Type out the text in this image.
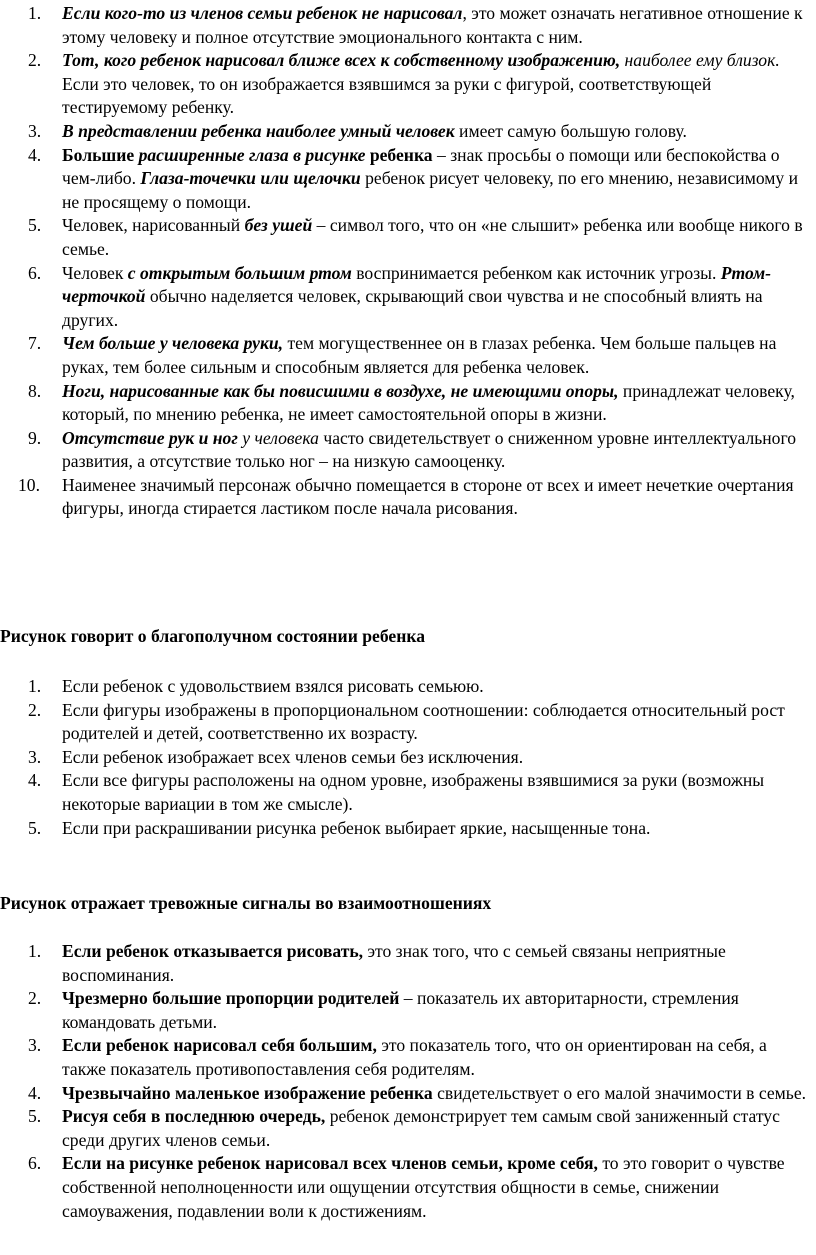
1.	Если кого-то из членов семьи ребенок не нарисовал, это может означать негативное отношение к этому человеку и полное отсутствие эмоционального контакта с ним.
2.	Тот, кого ребенок нарисовал ближе всех к собственному изображению, наиболее ему близок. Если это человек, то он изображается взявшимся за руки с фигурой, соответствующей тестируемому ребенку.
3.	В представлении ребенка наиболее умный человек имеет самую большую голову.
4.	Большие расширенные глаза в рисунке ребенка – знак просьбы о помощи или беспокойства о чем-либо. Глаза-точечки или щелочки ребенок рисует человеку, по его мнению, независимому и не просящему о помощи.
5.	Человек, нарисованный без ушей – символ того, что он «не слышит» ребенка или вообще никого в семье.
6.	Человек с открытым большим ртом воспринимается ребенком как источник угрозы. Ртом-черточкой обычно наделяется человек, скрывающий свои чувства и не способный влиять на других.
7.	Чем больше у человека руки, тем могущественнее он в глазах ребенка. Чем больше пальцев на руках, тем более сильным и способным является для ребенка человек.
8.	Ноги, нарисованные как бы повисшими в воздухе, не имеющими опоры, принадлежат человеку, который, по мнению ребенка, не имеет самостоятельной опоры в жизни.
9.	Отсутствие рук и ног у человека часто свидетельствует о сниженном уровне интеллектуального развития, а отсутствие только ног – на низкую самооценку.
10.	Наименее значимый персонаж обычно помещается в стороне от всех и имеет нечеткие очертания фигуры, иногда стирается ластиком после начала рисования.
Рисунок говорит о благополучном состоянии ребенка
1.	Если ребенок с удовольствием взялся рисовать семьюю.
2.	Если фигуры изображены в пропорциональном соотношении: соблюдается относительный рост родителей и детей, соответственно их возрасту.
3.	Если ребенок изображает всех членов семьи без исключения.
4.	Если все фигуры расположены на одном уровне, изображены взявшимися за руки (возможны некоторые вариации в том же смысле).
5.	Если при раскрашивании рисунка ребенок выбирает яркие, насыщенные тона.
Рисунок отражает тревожные сигналы во взаимоотношениях
1.	Если ребенок отказывается рисовать, это знак того, что с семьей связаны неприятные воспоминания.
2.	Чрезмерно большие пропорции родителей – показатель их авторитарности, стремления командовать детьми.
3.	Если ребенок нарисовал себя большим, это показатель того, что он ориентирован на себя, а также показатель противопоставления себя родителям.
4.	Чрезвычайно маленькое изображение ребенка свидетельствует о его малой значимости в семье.
5.	Рисуя себя в последнюю очередь, ребенок демонстрирует тем самым свой заниженный статус среди других членов семьи.
6.	Если на рисунке ребенок нарисовал всех членов семьи, кроме себя, то это говорит о чувстве собственной неполноценности или ощущении отсутствия общности в семье, снижении самоуважения, подавлении воли к достижениям.
